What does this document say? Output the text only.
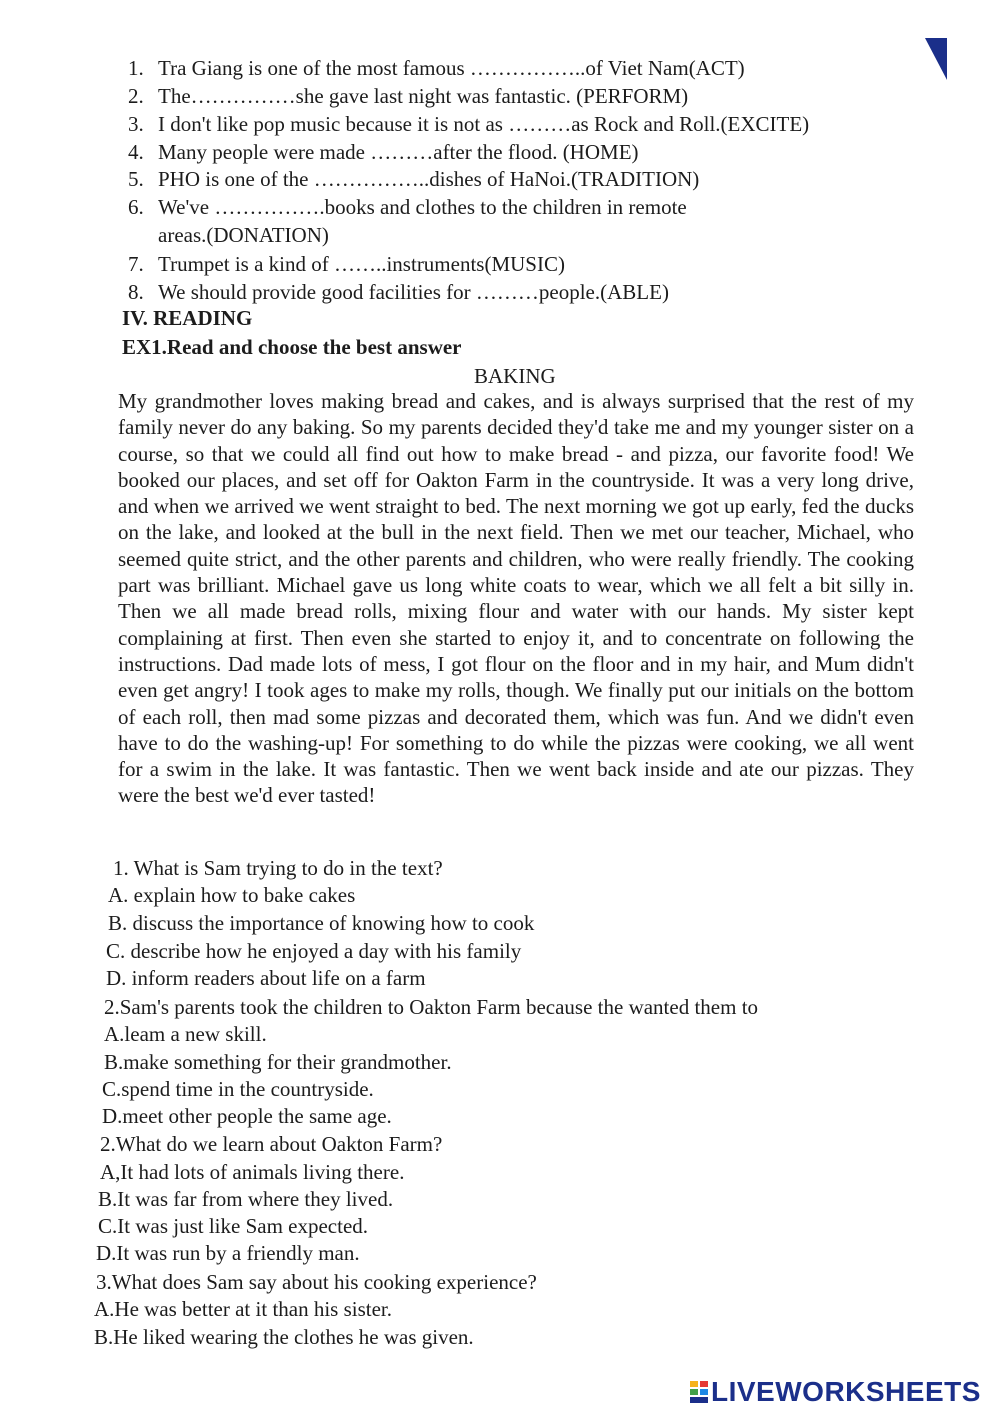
1. Tra Giang is one of the most famous ……………..of Viet Nam(ACT)
2. The……………she gave last night was fantastic. (PERFORM)
3. I don't like pop music because it is not as ………as Rock and Roll.(EXCITE)
4. Many people were made ………after the flood. (HOME)
5. PHO is one of the ……………..dishes of HaNoi.(TRADITION)
6. We've …………….books and clothes to the children in remote
areas.(DONATION)
7. Trumpet is a kind of ……..instruments(MUSIC)
8. We should provide good facilities for ………people.(ABLE)
IV. READING
EX1.Read and choose the best answer
BAKING
My grandmother loves making bread and cakes, and is always surprised that the rest of my family never do any baking. So my parents decided they'd take me and my younger sister on a course, so that we could all find out how to make bread - and pizza, our favorite food! We booked our places, and set off for Oakton Farm in the countryside. It was a very long drive, and when we arrived we went straight to bed. The next morning we got up early, fed the ducks on the lake, and looked at the bull in the next field. Then we met our teacher, Michael, who seemed quite strict, and the other parents and children, who were really friendly. The cooking part was brilliant. Michael gave us long white coats to wear, which we all felt a bit silly in. Then we all made bread rolls, mixing flour and water with our hands. My sister kept complaining at first. Then even she started to enjoy it, and to concentrate on following the instructions. Dad made lots of mess, I got flour on the floor and in my hair, and Mum didn't even get angry! I took ages to make my rolls, though. We finally put our initials on the bottom of each roll, then mad some pizzas and decorated them, which was fun. And we didn't even have to do the washing-up! For something to do while the pizzas were cooking, we all went for a swim in the lake. It was fantastic. Then we went back inside and ate our pizzas. They were the best we'd ever tasted!
1. What is Sam trying to do in the text?
A. explain how to bake cakes
B. discuss the importance of knowing how to cook
C. describe how he enjoyed a day with his family
D. inform readers about life on a farm
2.Sam's parents took the children to Oakton Farm because the wanted them to
A.leam a new skill.
B.make something for their grandmother.
C.spend time in the countryside.
D.meet other people the same age.
2.What do we learn about Oakton Farm?
A,It had lots of animals living there.
B.It was far from where they lived.
C.It was just like Sam expected.
D.It was run by a friendly man.
3.What does Sam say about his cooking experience?
A.He was better at it than his sister.
B.He liked wearing the clothes he was given.
LIVEWORKSHEETS
